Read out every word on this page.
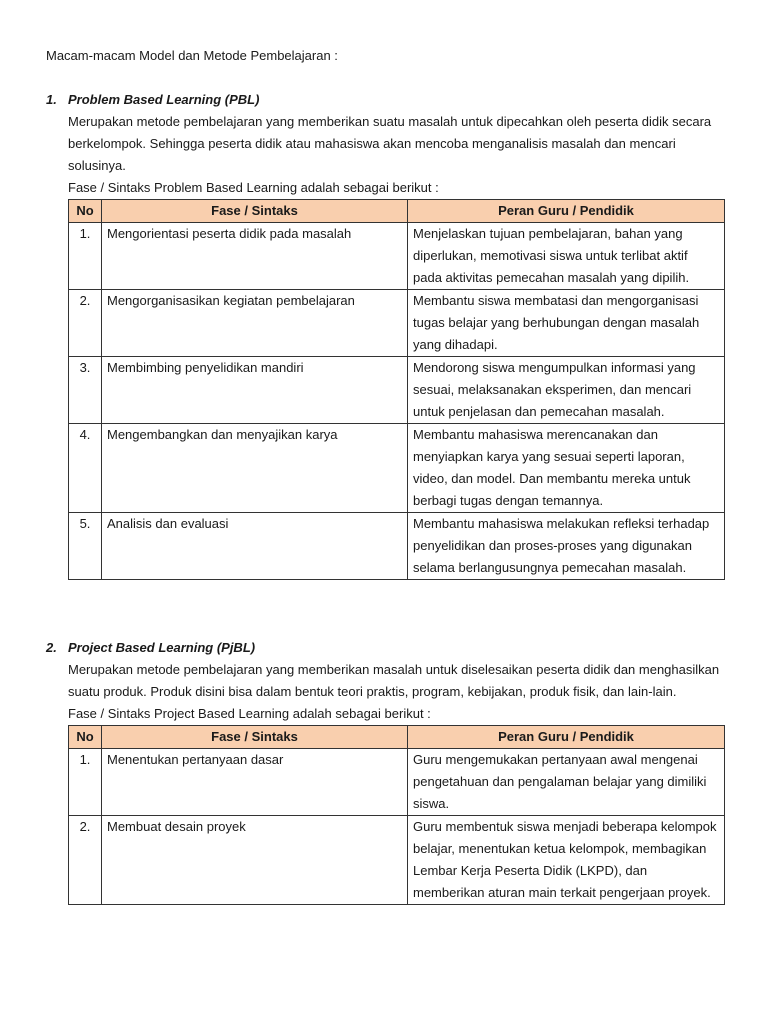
Macam-macam Model dan Metode Pembelajaran :
1. Problem Based Learning (PBL)
Merupakan metode pembelajaran yang memberikan suatu masalah untuk dipecahkan oleh peserta didik secara berkelompok. Sehingga peserta didik atau mahasiswa akan mencoba menganalisis masalah dan mencari solusinya.
Fase / Sintaks Problem Based Learning adalah sebagai berikut :
No	Fase / Sintaks	Peran Guru / Pendidik
1.	Mengorientasi peserta didik pada masalah	Menjelaskan tujuan pembelajaran, bahan yang diperlukan, memotivasi siswa untuk terlibat aktif pada aktivitas pemecahan masalah yang dipilih.
2.	Mengorganisasikan kegiatan pembelajaran	Membantu siswa membatasi dan mengorganisasi tugas belajar yang berhubungan dengan masalah yang dihadapi.
3.	Membimbing penyelidikan mandiri	Mendorong siswa mengumpulkan informasi yang sesuai, melaksanakan eksperimen, dan mencari untuk penjelasan dan pemecahan masalah.
4.	Mengembangkan dan menyajikan karya	Membantu mahasiswa merencanakan dan menyiapkan karya yang sesuai seperti laporan, video, dan model. Dan membantu mereka untuk berbagi tugas dengan temannya.
5.	Analisis dan evaluasi	Membantu mahasiswa melakukan refleksi terhadap penyelidikan dan proses-proses yang digunakan selama berlangusungnya pemecahan masalah.
2. Project Based Learning (PjBL)
Merupakan metode pembelajaran yang memberikan masalah untuk diselesaikan peserta didik dan menghasilkan suatu produk. Produk disini bisa dalam bentuk teori praktis, program, kebijakan, produk fisik, dan lain-lain.
Fase / Sintaks Project Based Learning adalah sebagai berikut :
No	Fase / Sintaks	Peran Guru / Pendidik
1.	Menentukan pertanyaan dasar	Guru mengemukakan pertanyaan awal mengenai pengetahuan dan pengalaman belajar yang dimiliki siswa.
2.	Membuat desain proyek	Guru membentuk siswa menjadi beberapa kelompok belajar, menentukan ketua kelompok, membagikan Lembar Kerja Peserta Didik (LKPD), dan memberikan aturan main terkait pengerjaan proyek.
